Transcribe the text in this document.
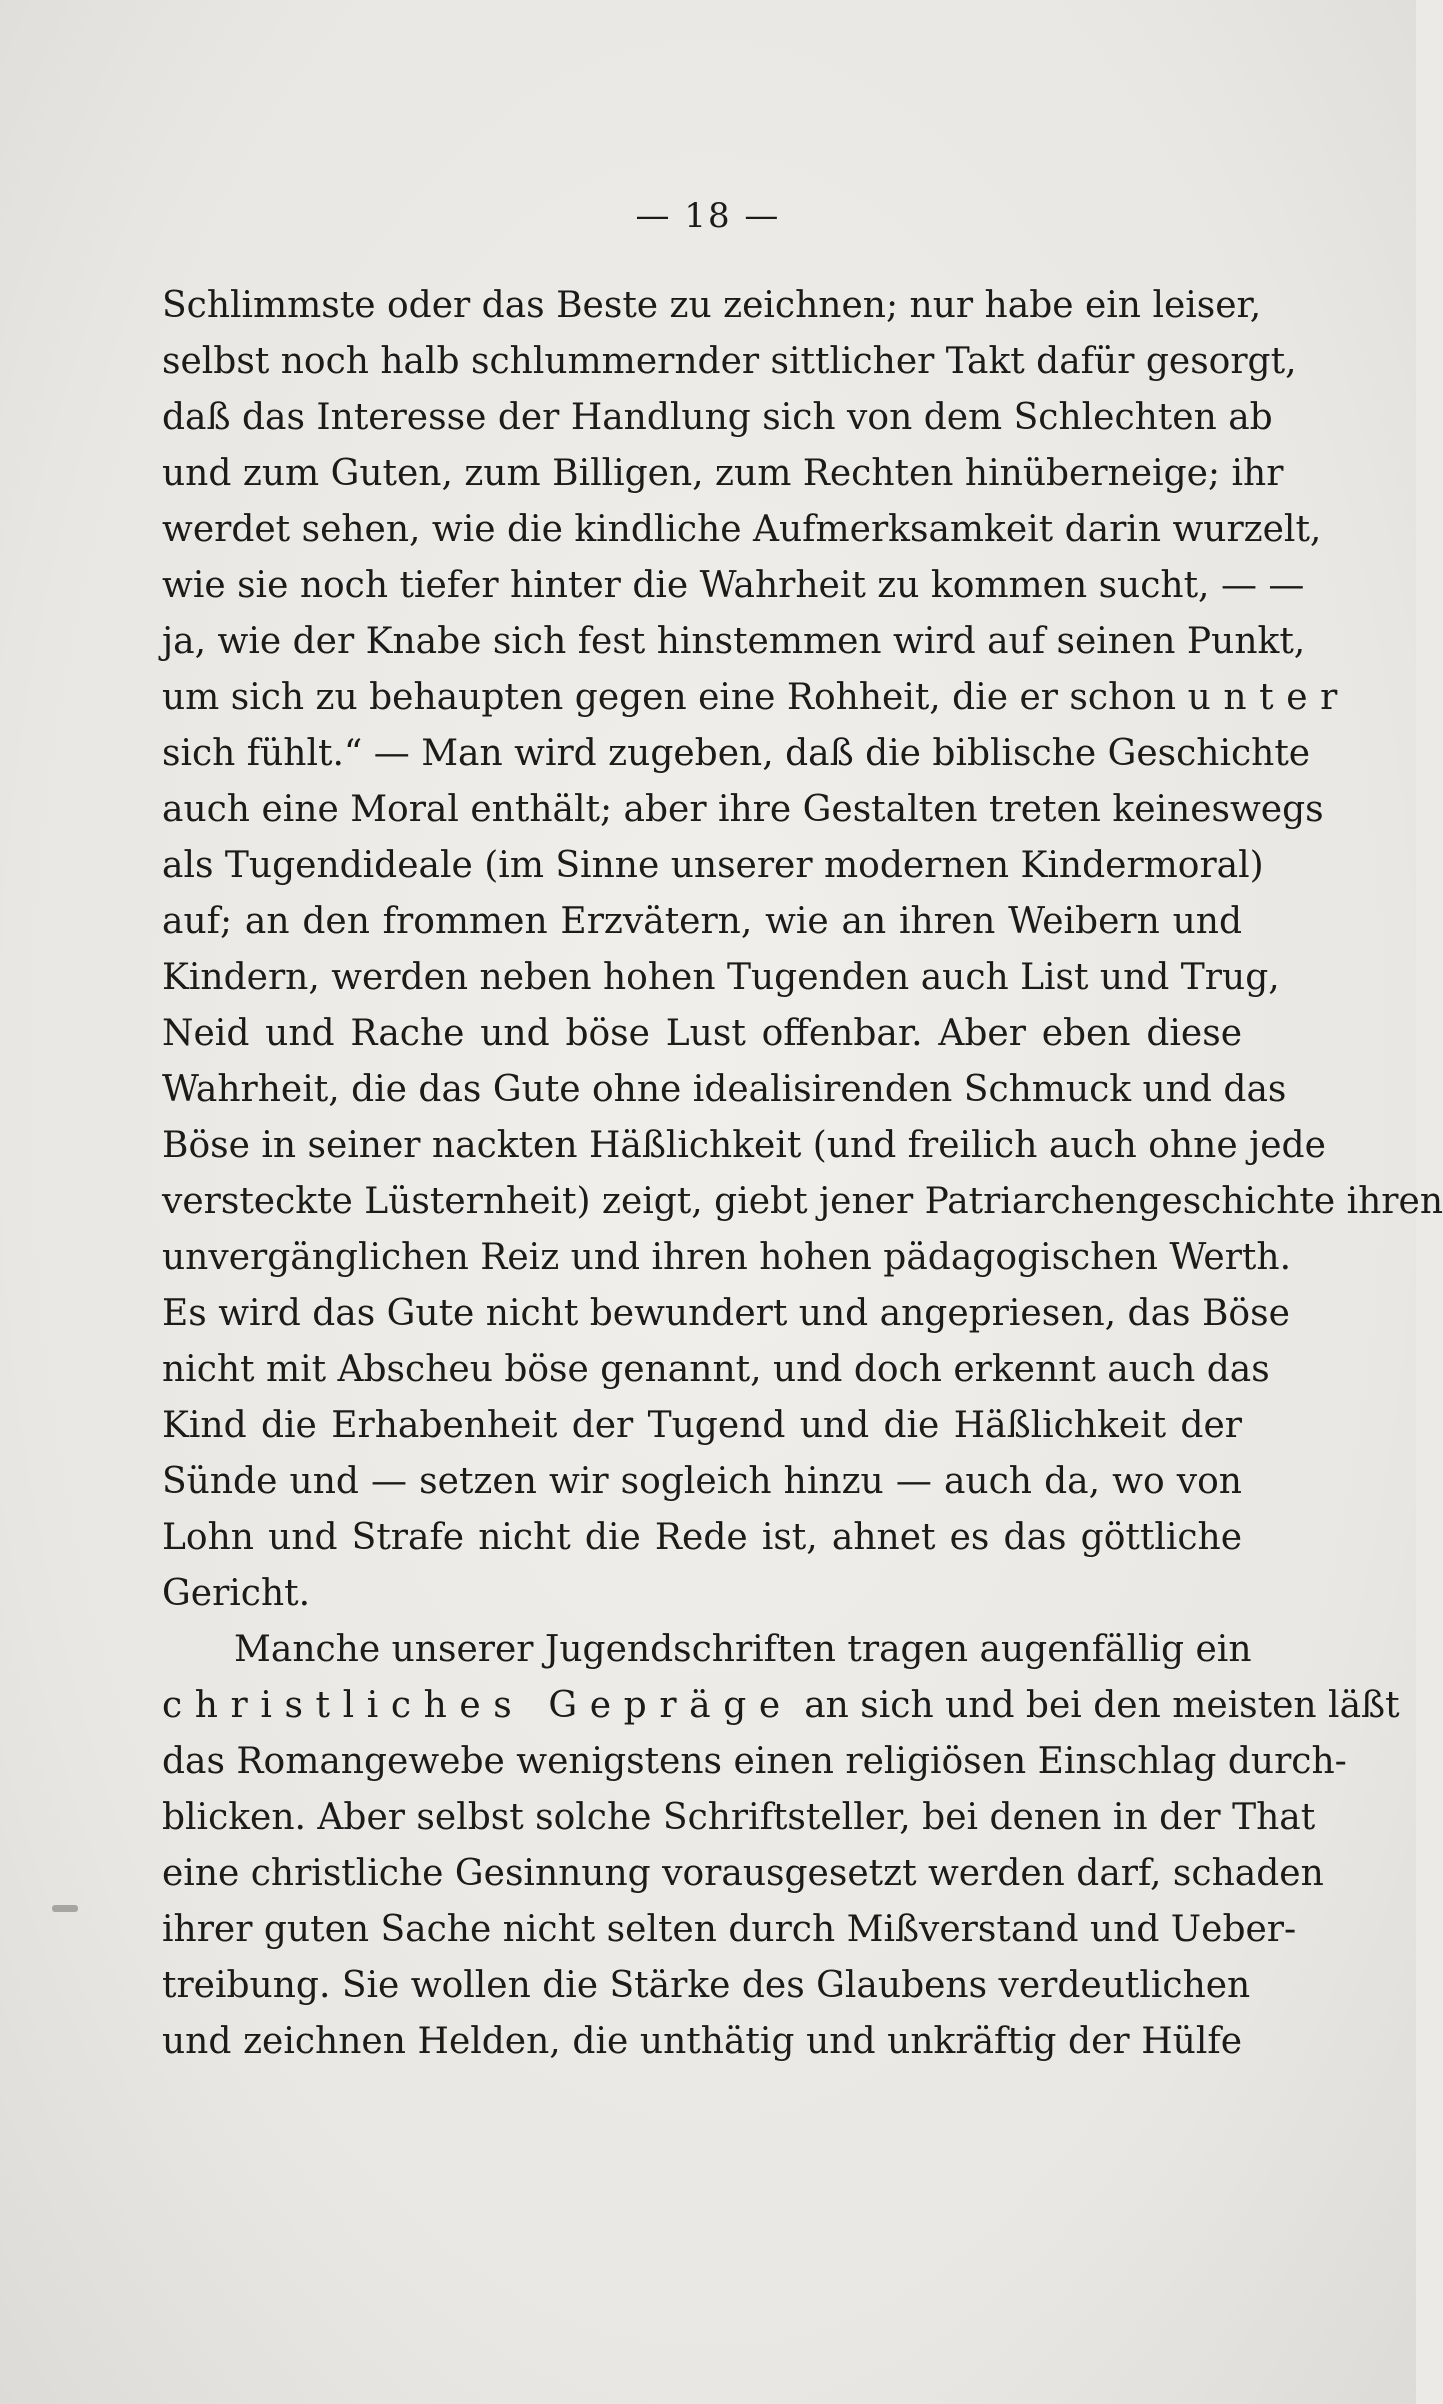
— 18 —
Schlimmste oder das Beste zu zeichnen; nur habe ein leiser,
selbst noch halb schlummernder sittlicher Takt dafür gesorgt,
daß das Interesse der Handlung sich von dem Schlechten ab
und zum Guten, zum Billigen, zum Rechten hinüberneige; ihr
werdet sehen, wie die kindliche Aufmerksamkeit darin wurzelt,
wie sie noch tiefer hinter die Wahrheit zu kommen sucht, — —
ja, wie der Knabe sich fest hinstemmen wird auf seinen Punkt,
um sich zu behaupten gegen eine Rohheit, die er schon unter
sich fühlt.“ — Man wird zugeben, daß die biblische Geschichte
auch eine Moral enthält; aber ihre Gestalten treten keineswegs
als Tugendideale (im Sinne unserer modernen Kindermoral)
auf; an den frommen Erzvätern, wie an ihren Weibern und
Kindern, werden neben hohen Tugenden auch List und Trug,
Neid und Rache und böse Lust offenbar. Aber eben diese
Wahrheit, die das Gute ohne idealisirenden Schmuck und das
Böse in seiner nackten Häßlichkeit (und freilich auch ohne jede
versteckte Lüsternheit) zeigt, giebt jener Patriarchengeschichte ihren
unvergänglichen Reiz und ihren hohen pädagogischen Werth.
Es wird das Gute nicht bewundert und angepriesen, das Böse
nicht mit Abscheu böse genannt, und doch erkennt auch das
Kind die Erhabenheit der Tugend und die Häßlichkeit der
Sünde und — setzen wir sogleich hinzu — auch da, wo von
Lohn und Strafe nicht die Rede ist, ahnet es das göttliche
Gericht.
Manche unserer Jugendschriften tragen augenfällig ein
christliches Gepräge an sich und bei den meisten läßt
das Romangewebe wenigstens einen religiösen Einschlag durch-
blicken. Aber selbst solche Schriftsteller, bei denen in der That
eine christliche Gesinnung vorausgesetzt werden darf, schaden
ihrer guten Sache nicht selten durch Mißverstand und Ueber-
treibung. Sie wollen die Stärke des Glaubens verdeutlichen
und zeichnen Helden, die unthätig und unkräftig der Hülfe
